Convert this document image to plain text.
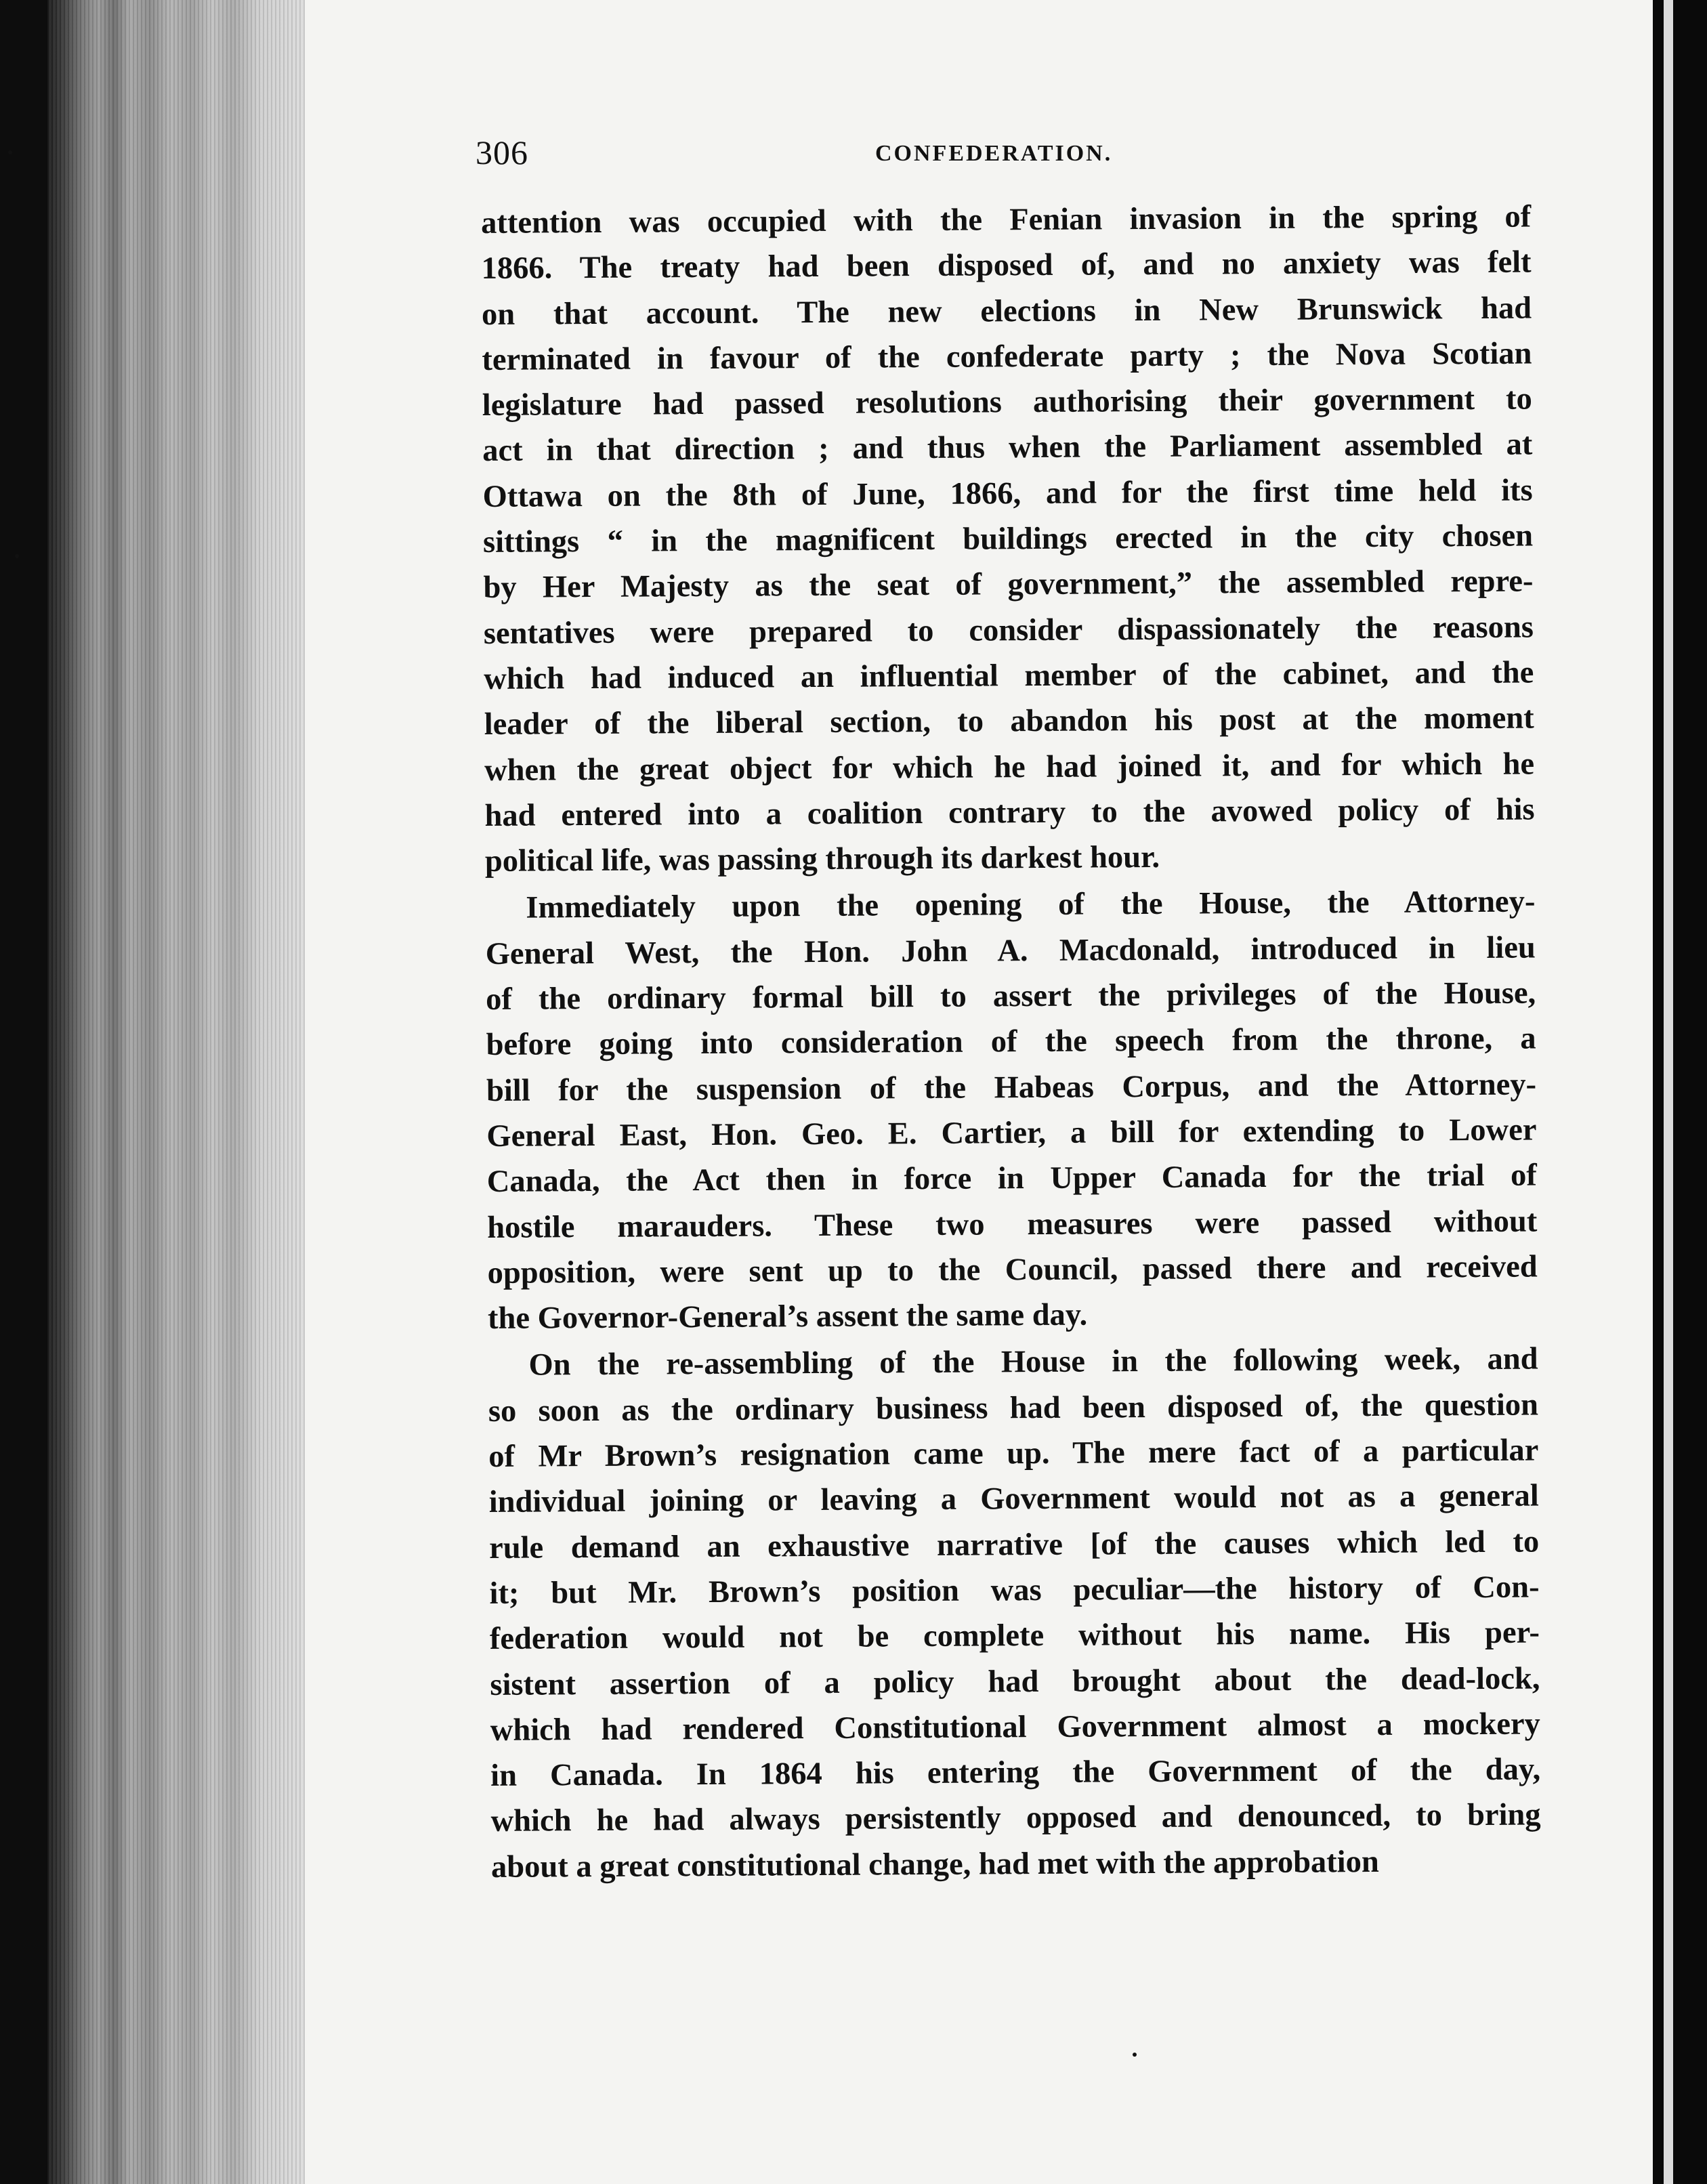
306	CONFEDERATION.
attention was occupied with the Fenian invasion in the spring of
1866. The treaty had been disposed of, and no anxiety was felt
on that account. The new elections in New Brunswick had
terminated in favour of the confederate party ; the Nova Scotian
legislature had passed resolutions authorising their government to
act in that direction ; and thus when the Parliament assembled at
Ottawa on the 8th of June, 1866, and for the first time held its
sittings “ in the magnificent buildings erected in the city chosen
by Her Majesty as the seat of government,” the assembled repre-
sentatives were prepared to consider dispassionately the reasons
which had induced an influential member of the cabinet, and the
leader of the liberal section, to abandon his post at the moment
when the great object for which he had joined it, and for which he
had entered into a coalition contrary to the avowed policy of his
political life, was passing through its darkest hour.
Immediately upon the opening of the House, the Attorney-
General West, the Hon. John A. Macdonald, introduced in lieu
of the ordinary formal bill to assert the privileges of the House,
before going into consideration of the speech from the throne, a
bill for the suspension of the Habeas Corpus, and the Attorney-
General East, Hon. Geo. E. Cartier, a bill for extending to Lower
Canada, the Act then in force in Upper Canada for the trial of
hostile marauders. These two measures were passed without
opposition, were sent up to the Council, passed there and received
the Governor-General’s assent the same day.
On the re-assembling of the House in the following week, and
so soon as the ordinary business had been disposed of, the question
of Mr Brown’s resignation came up. The mere fact of a particular
individual joining or leaving a Government would not as a general
rule demand an exhaustive narrative [of the causes which led to
it; but Mr. Brown’s position was peculiar—the history of Con-
federation would not be complete without his name. His per-
sistent assertion of a policy had brought about the dead-lock,
which had rendered Constitutional Government almost a mockery
in Canada. In 1864 his entering the Government of the day,
which he had always persistently opposed and denounced, to bring
about a great constitutional change, had met with the approbation
